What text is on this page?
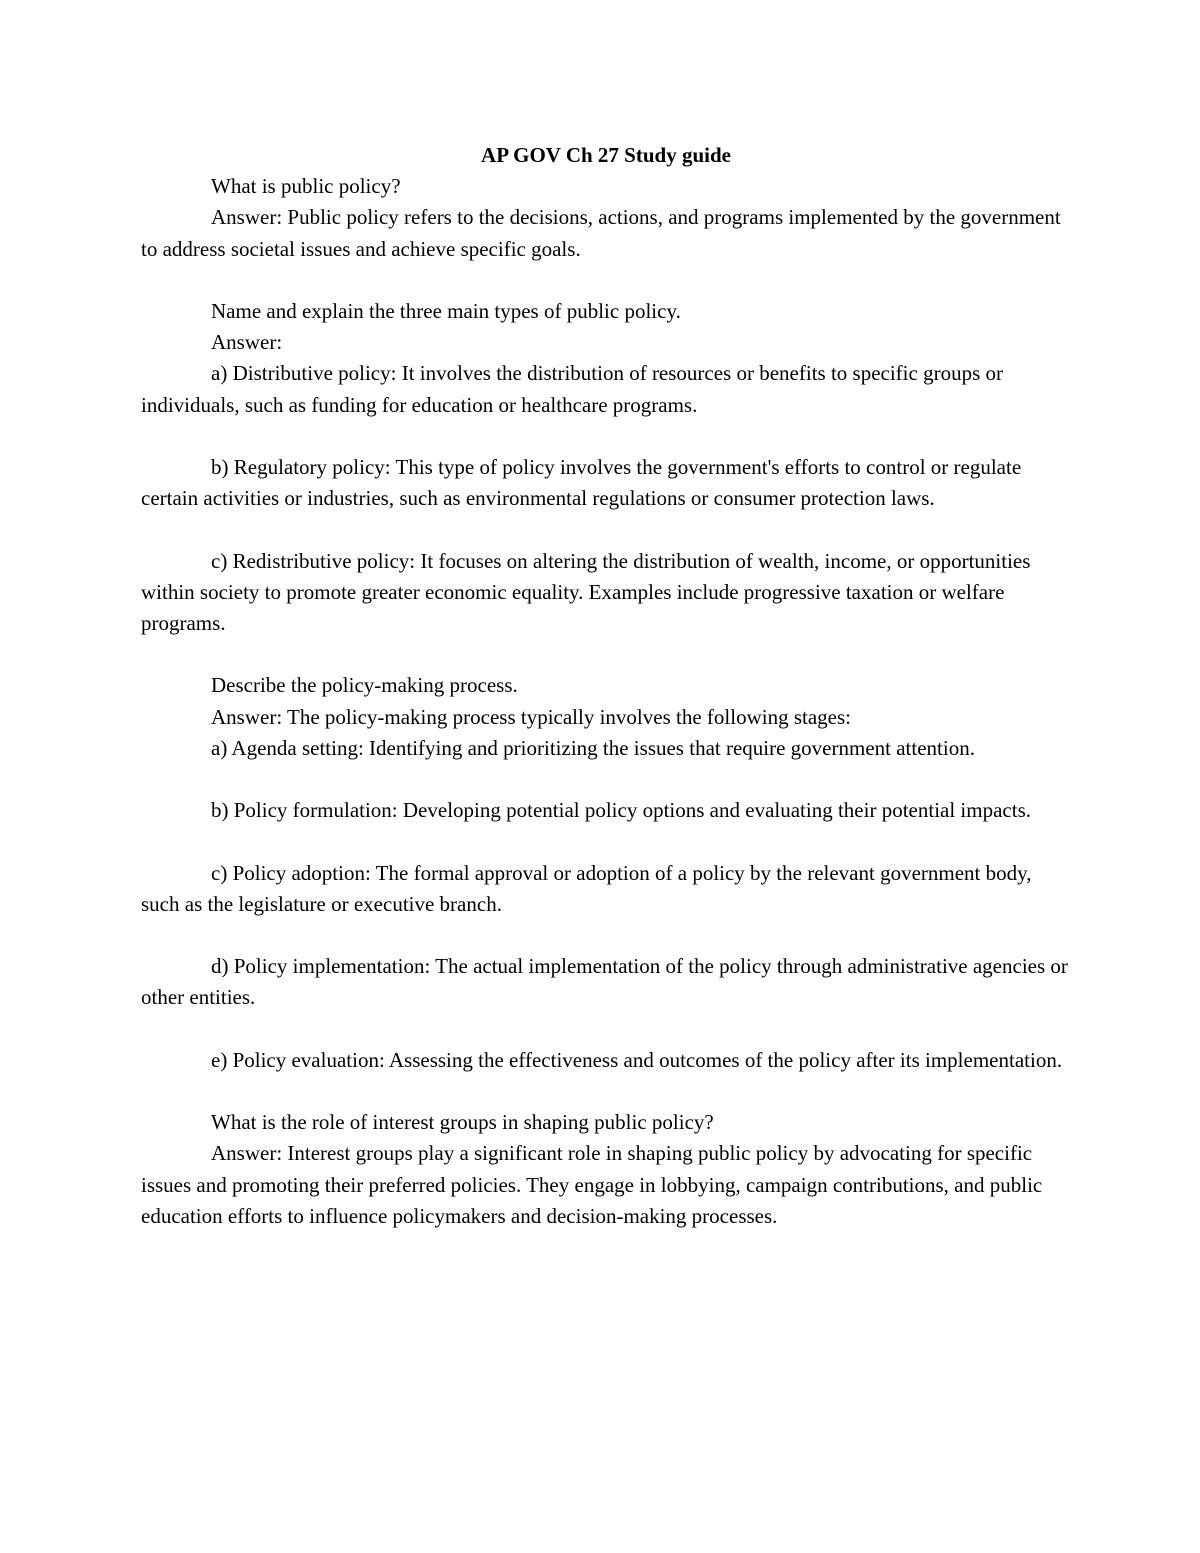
AP GOV Ch 27 Study guide

What is public policy?

Answer: Public policy refers to the decisions, actions, and programs implemented by the government to address societal issues and achieve specific goals.

Name and explain the three main types of public policy.

Answer:

a) Distributive policy: It involves the distribution of resources or benefits to specific groups or individuals, such as funding for education or healthcare programs.

b) Regulatory policy: This type of policy involves the government's efforts to control or regulate certain activities or industries, such as environmental regulations or consumer protection laws.

c) Redistributive policy: It focuses on altering the distribution of wealth, income, or opportunities within society to promote greater economic equality. Examples include progressive taxation or welfare programs.

Describe the policy-making process.

Answer: The policy-making process typically involves the following stages:

a) Agenda setting: Identifying and prioritizing the issues that require government attention.

b) Policy formulation: Developing potential policy options and evaluating their potential impacts.

c) Policy adoption: The formal approval or adoption of a policy by the relevant government body, such as the legislature or executive branch.

d) Policy implementation: The actual implementation of the policy through administrative agencies or other entities.

e) Policy evaluation: Assessing the effectiveness and outcomes of the policy after its implementation.

What is the role of interest groups in shaping public policy?

Answer: Interest groups play a significant role in shaping public policy by advocating for specific issues and promoting their preferred policies. They engage in lobbying, campaign contributions, and public education efforts to influence policymakers and decision-making processes.
